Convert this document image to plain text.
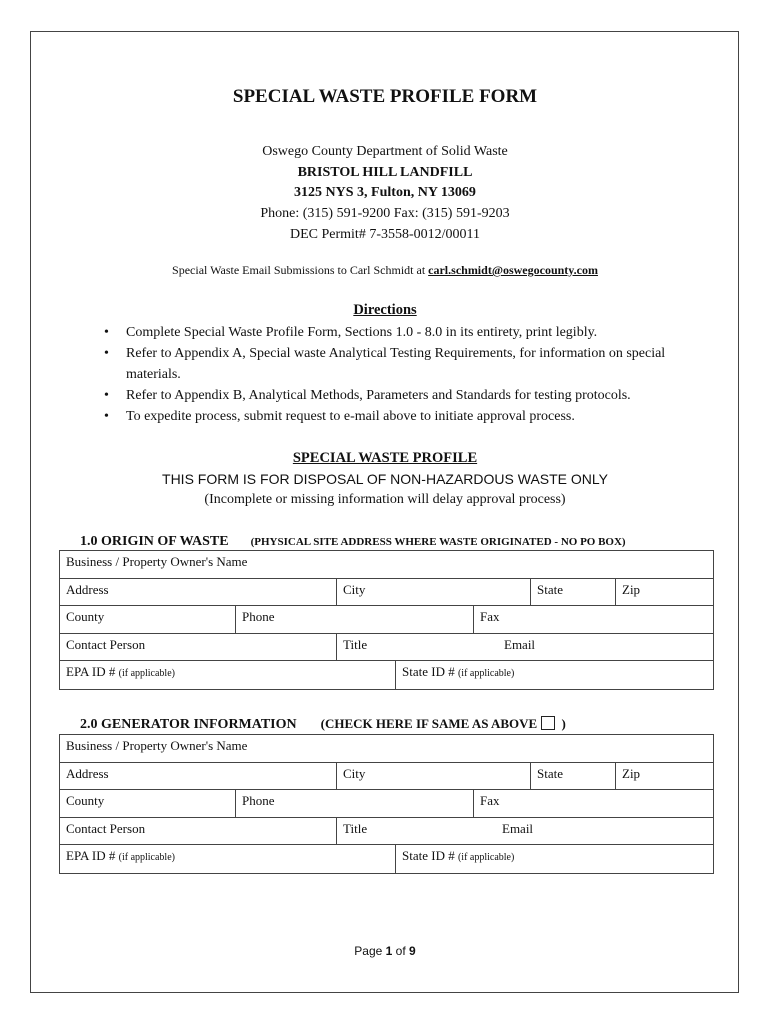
SPECIAL WASTE PROFILE FORM
Oswego County Department of Solid Waste
BRISTOL HILL LANDFILL
3125 NYS 3, Fulton, NY 13069
Phone: (315) 591-9200 Fax: (315) 591-9203
DEC Permit# 7-3558-0012/00011
Special Waste Email Submissions to Carl Schmidt at carl.schmidt@oswegocounty.com
Directions
• Complete Special Waste Profile Form, Sections 1.0 - 8.0 in its entirety, print legibly.
• Refer to Appendix A, Special waste Analytical Testing Requirements, for information on special materials.
• Refer to Appendix B, Analytical Methods, Parameters and Standards for testing protocols.
• To expedite process, submit request to e-mail above to initiate approval process.
SPECIAL WASTE PROFILE
THIS FORM IS FOR DISPOSAL OF NON-HAZARDOUS WASTE ONLY
(Incomplete or missing information will delay approval process)
1.0 ORIGIN OF WASTE (PHYSICAL SITE ADDRESS WHERE WASTE ORIGINATED - NO PO BOX)
Business / Property Owner's Name
Address	City	State	Zip
County	Phone	Fax
Contact Person	Title	Email
EPA ID # (if applicable)	State ID # (if applicable)
2.0 GENERATOR INFORMATION (CHECK HERE IF SAME AS ABOVE )
Business / Property Owner's Name
Address	City	State	Zip
County	Phone	Fax
Contact Person	Title	Email
EPA ID # (if applicable)	State ID # (if applicable)
Page 1 of 9
